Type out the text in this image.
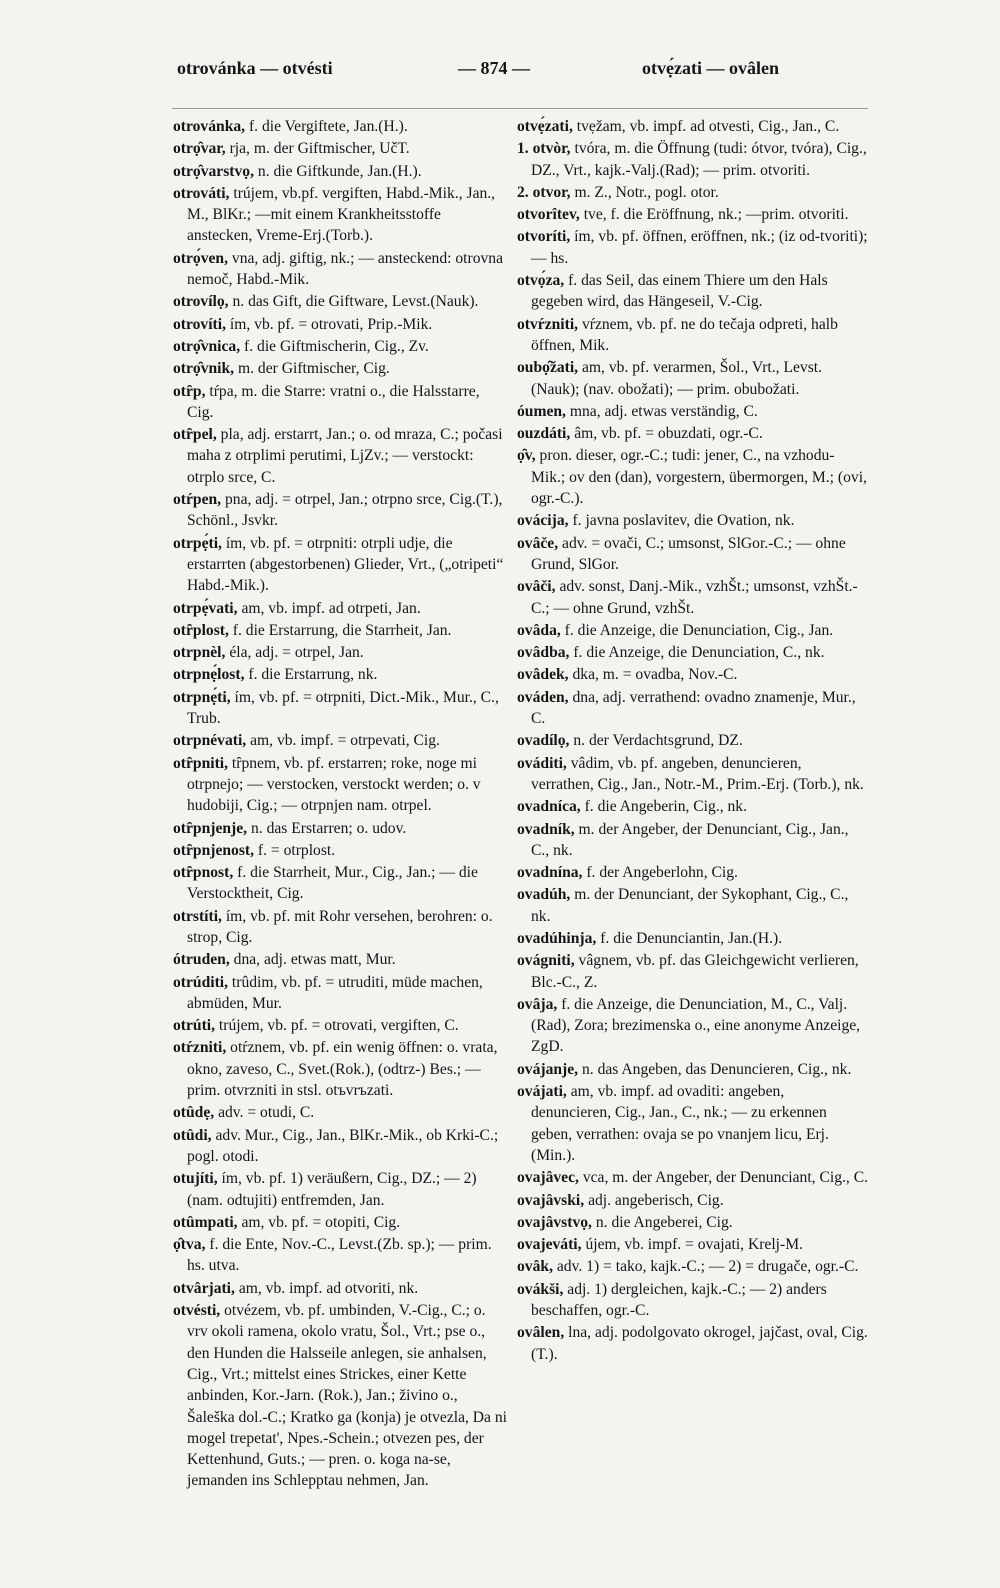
otrovánka — otvésti	— 874 —	otvẹ́zati — ovâlen
otrovánka, f. die Vergiftete, Jan.(H.).
otrọ̑var, rja, m. der Giftmischer, UčT.
otrọ̑varstvọ, n. die Giftkunde, Jan.(H.).
otrováti, trújem, vb.pf. vergiften, Habd.-Mik., Jan., M., BlKr.; —mit einem Krankheitsstoffe anstecken, Vreme-Erj.(Torb.).
otrọ́ven, vna, adj. giftig, nk.; — ansteckend: otrovna nemoč, Habd.-Mik.
otrovílọ, n. das Gift, die Giftware, Levst.(Nauk).
otrovíti, ím, vb. pf. = otrovati, Prip.-Mik.
otrọ̑vnica, f. die Giftmischerin, Cig., Zv.
otrọ̑vnik, m. der Giftmischer, Cig.
otȓp, tŕpa, m. die Starre: vratni o., die Halsstarre, Cig.
otȓpel, pla, adj. erstarrt, Jan.; o. od mraza, C.; počasi maha z otrplimi perutimi, LjZv.; — verstockt: otrplo srce, C.
otŕpen, pna, adj. = otrpel, Jan.; otrpno srce, Cig.(T.), Schönl., Jsvkr.
otrpẹ́ti, ím, vb. pf. = otrpniti: otrpli udje, die erstarrten (abgestorbenen) Glieder, Vrt., („otripeti“ Habd.-Mik.).
otrpẹ́vati, am, vb. impf. ad otrpeti, Jan.
otȓplost, f. die Erstarrung, die Starrheit, Jan.
otrpnèl, éla, adj. = otrpel, Jan.
otrpnẹ́lost, f. die Erstarrung, nk.
otrpnẹ́ti, ím, vb. pf. = otrpniti, Dict.-Mik., Mur., C., Trub.
otrpnévati, am, vb. impf. = otrpevati, Cig.
otȓpniti, tȓpnem, vb. pf. erstarren; roke, noge mi otrpnejo; — verstocken, verstockt werden; o. v hudobiji, Cig.; — otrpnjen nam. otrpel.
otȓpnjenje, n. das Erstarren; o. udov.
otȓpnjenost, f. = otrplost.
otȓpnost, f. die Starrheit, Mur., Cig., Jan.; — die Verstocktheit, Cig.
otrstíti, ím, vb. pf. mit Rohr versehen, berohren: o. strop, Cig.
ótruden, dna, adj. etwas matt, Mur.
otrúditi, trûdim, vb. pf. = utruditi, müde machen, abmüden, Mur.
otrúti, trújem, vb. pf. = otrovati, vergiften, C.
otŕzniti, otŕznem, vb. pf. ein wenig öffnen: o. vrata, okno, zaveso, C., Svet.(Rok.), (odtrz-) Bes.; — prim. otvrzniti in stsl. otъvrъzati.
otûdẹ, adv. = otudi, C.
otûdi, adv. Mur., Cig., Jan., BlKr.-Mik., ob Krki-C.; pogl. otodi.
otujíti, ím, vb. pf. 1) veräußern, Cig., DZ.; — 2) (nam. odtujiti) entfremden, Jan.
otûmpati, am, vb. pf. = otopiti, Cig.
ọ̑tva, f. die Ente, Nov.-C., Levst.(Zb. sp.); — prim. hs. utva.
otvârjati, am, vb. impf. ad otvoriti, nk.
otvésti, otvézem, vb. pf. umbinden, V.-Cig., C.; o. vrv okoli ramena, okolo vratu, Šol., Vrt.; pse o., den Hunden die Halsseile anlegen, sie anhalsen, Cig., Vrt.; mittelst eines Strickes, einer Kette anbinden, Kor.-Jarn. (Rok.), Jan.; živino o., Šaleška dol.-C.; Kratko ga (konja) je otvezla, Da ni mogel trepetat', Npes.-Schein.; otvezen pes, der Kettenhund, Guts.; — pren. o. koga na-se, jemanden ins Schlepptau nehmen, Jan.
otvẹ́zati, tvẹžam, vb. impf. ad otvesti, Cig., Jan., C.
1. otvòr, tvóra, m. die Öffnung (tudi: ótvor, tvóra), Cig., DZ., Vrt., kajk.-Valj.(Rad); — prim. otvoriti.
2. otvor, m. Z., Notr., pogl. otor.
otvorîtev, tve, f. die Eröffnung, nk.; —prim. otvoriti.
otvoríti, ím, vb. pf. öffnen, eröffnen, nk.; (iz od-tvoriti); — hs.
otvọ́za, f. das Seil, das einem Thiere um den Hals gegeben wird, das Hängeseil, V.-Cig.
otvŕzniti, vŕznem, vb. pf. ne do tečaja odpreti, halb öffnen, Mik.
oubọ̑žati, am, vb. pf. verarmen, Šol., Vrt., Levst.(Nauk); (nav. obožati); — prim. obubožati.
óumen, mna, adj. etwas verständig, C.
ouzdáti, âm, vb. pf. = obuzdati, ogr.-C.
ọ̑v, pron. dieser, ogr.-C.; tudi: jener, C., na vzhodu-Mik.; ov den (dan), vorgestern, übermorgen, M.; (ovi, ogr.-C.).
ovácija, f. javna poslavitev, die Ovation, nk.
ovâče, adv. = ovači, C.; umsonst, SlGor.-C.; — ohne Grund, SlGor.
ovâči, adv. sonst, Danj.-Mik., vzhŠt.; umsonst, vzhŠt.-C.; — ohne Grund, vzhŠt.
ovâda, f. die Anzeige, die Denunciation, Cig., Jan.
ovâdba, f. die Anzeige, die Denunciation, C., nk.
ovâdek, dka, m. = ovadba, Nov.-C.
ováden, dna, adj. verrathend: ovadno znamenje, Mur., C.
ovadílọ, n. der Verdachtsgrund, DZ.
ováditi, vâdim, vb. pf. angeben, denuncieren, verrathen, Cig., Jan., Notr.-M., Prim.-Erj. (Torb.), nk.
ovadníca, f. die Angeberin, Cig., nk.
ovadník, m. der Angeber, der Denunciant, Cig., Jan., C., nk.
ovadnína, f. der Angeberlohn, Cig.
ovadúh, m. der Denunciant, der Sykophant, Cig., C., nk.
ovadúhinja, f. die Denunciantin, Jan.(H.).
ovágniti, vâgnem, vb. pf. das Gleichgewicht verlieren, Blc.-C., Z.
ovâja, f. die Anzeige, die Denunciation, M., C., Valj.(Rad), Zora; brezimenska o., eine anonyme Anzeige, ZgD.
ovájanje, n. das Angeben, das Denuncieren, Cig., nk.
ovájati, am, vb. impf. ad ovaditi: angeben, denuncieren, Cig., Jan., C., nk.; — zu erkennen geben, verrathen: ovaja se po vnanjem licu, Erj.(Min.).
ovajâvec, vca, m. der Angeber, der Denunciant, Cig., C.
ovajâvski, adj. angeberisch, Cig.
ovajâvstvọ, n. die Angeberei, Cig.
ovajeváti, újem, vb. impf. = ovajati, Krelj-M.
ovâk, adv. 1) = tako, kajk.-C.; — 2) = drugače, ogr.-C.
ovákši, adj. 1) dergleichen, kajk.-C.; — 2) anders beschaffen, ogr.-C.
ovâlen, lna, adj. podolgovato okrogel, jajčast, oval, Cig.(T.).
